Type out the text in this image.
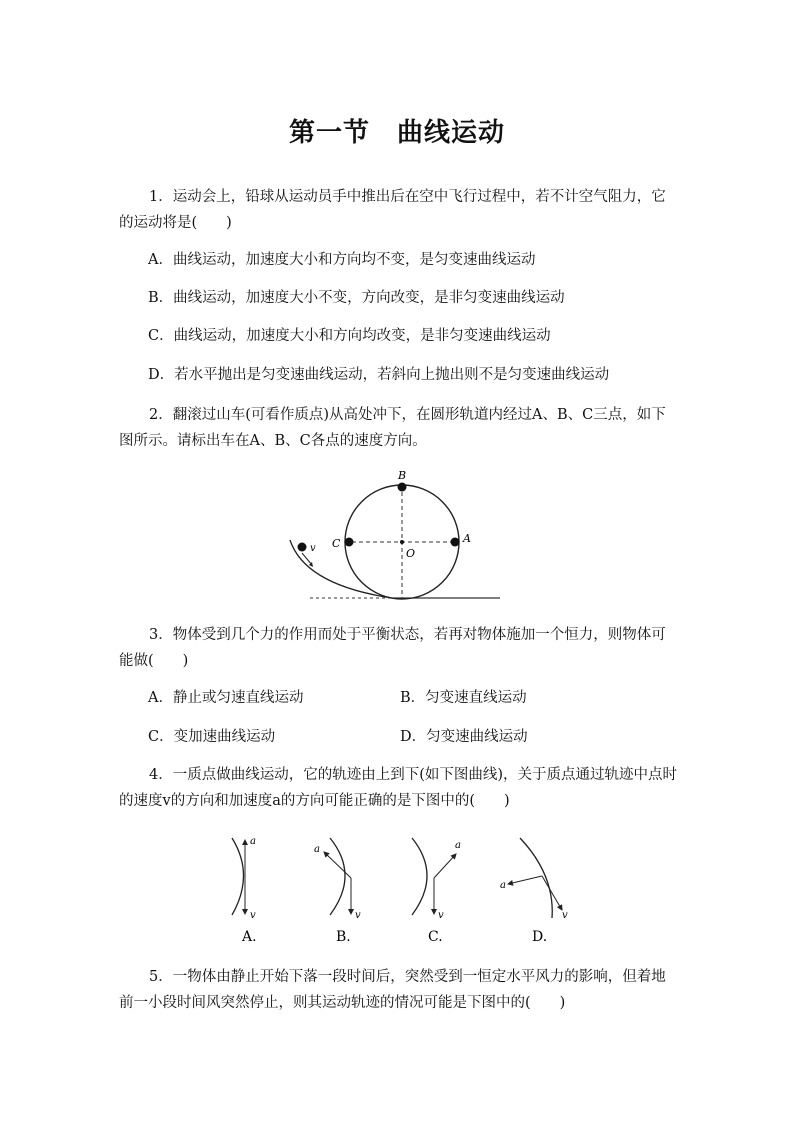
第一节　曲线运动
1．运动会上，铅球从运动员手中推出后在空中飞行过程中，若不计空气阻力，它的运动将是(　　)
A．曲线运动，加速度大小和方向均不变，是匀变速曲线运动
B．曲线运动，加速度大小不变，方向改变，是非匀变速曲线运动
C．曲线运动，加速度大小和方向均改变，是非匀变速曲线运动
D．若水平抛出是匀变速曲线运动，若斜向上抛出则不是匀变速曲线运动
2．翻滚过山车(可看作质点)从高处冲下，在圆形轨道内经过A、B、C三点，如下图所示。请标出车在A、B、C各点的速度方向。
B
C	A
O
v
3．物体受到几个力的作用而处于平衡状态，若再对物体施加一个恒力，则物体可能做(　　)
A．静止或匀速直线运动	B．匀变速直线运动
C．变加速曲线运动	D．匀变速曲线运动
4．一质点做曲线运动，它的轨迹由上到下(如下图曲线)，关于质点通过轨迹中点时的速度v的方向和加速度a的方向可能正确的是下图中的(　　)
a
v
A.
a
v
B.
a
v
C.
a
v
D.
5．一物体由静止开始下落一段时间后，突然受到一恒定水平风力的影响，但着地前一小段时间风突然停止，则其运动轨迹的情况可能是下图中的(　　)
